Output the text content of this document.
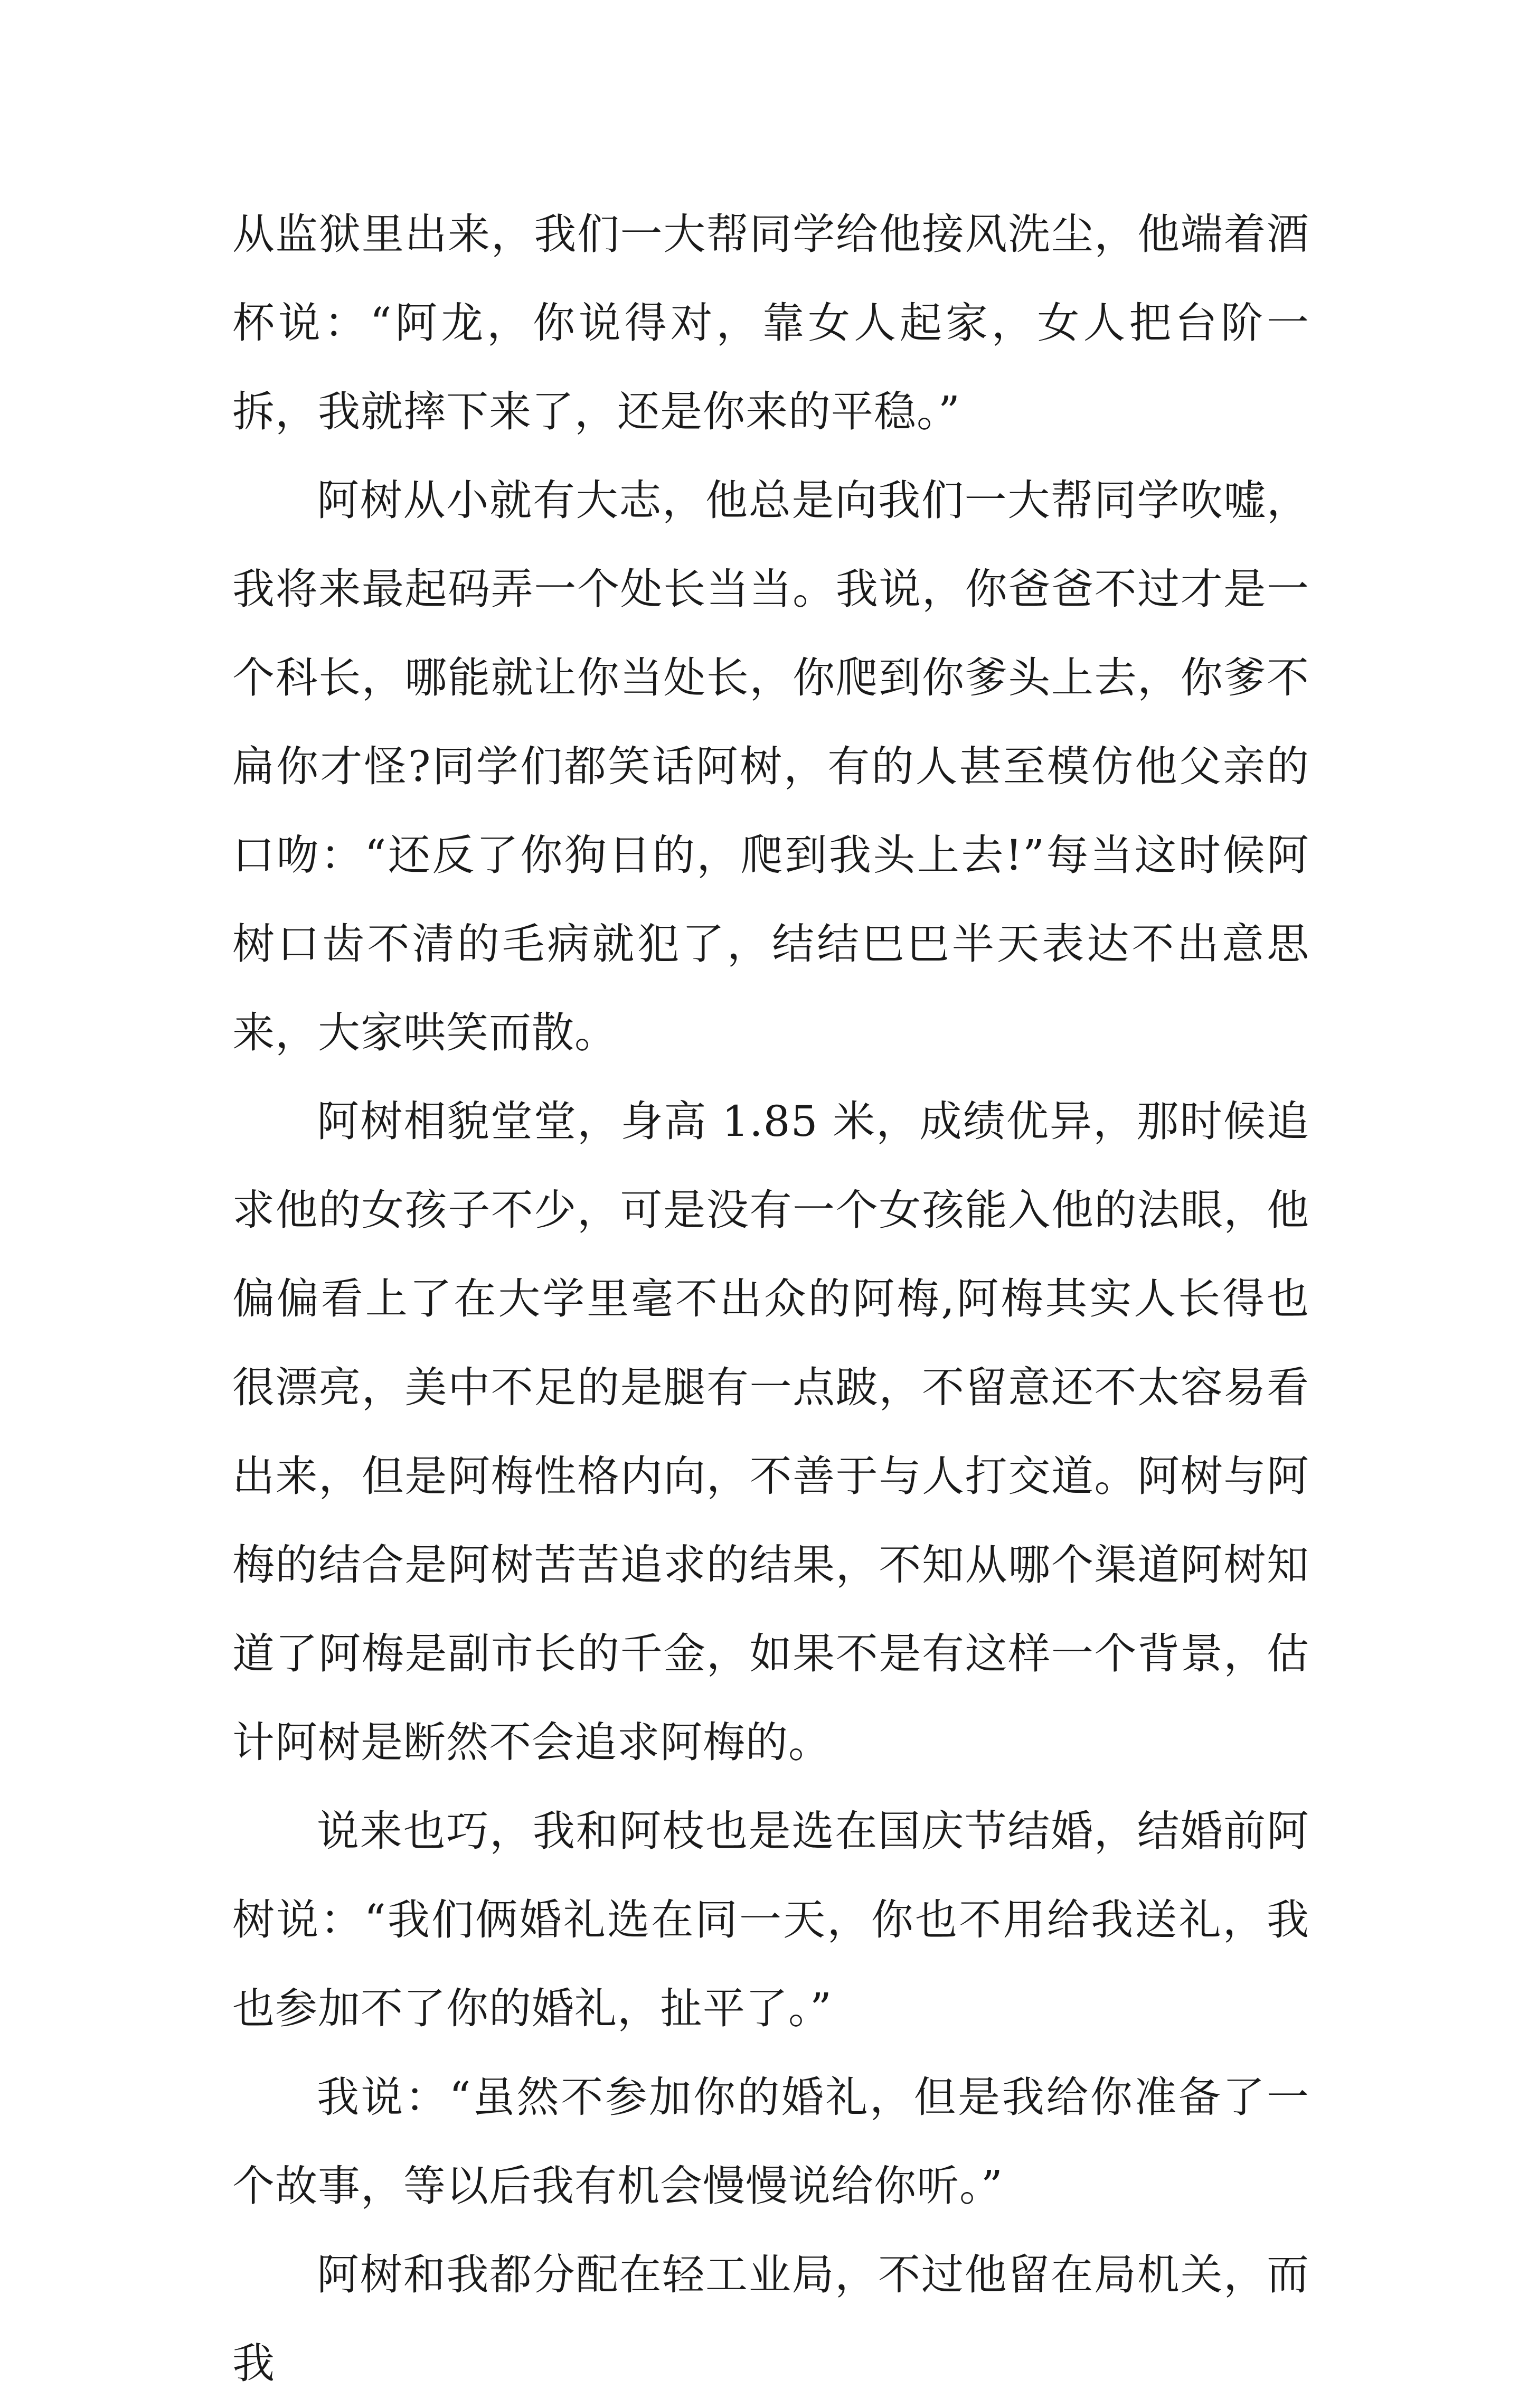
从监狱里出来，我们一大帮同学给他接风洗尘，他端着酒杯说：“阿龙，你说得对，靠女人起家，女人把台阶一拆，我就摔下来了，还是你来的平稳。”

阿树从小就有大志，他总是向我们一大帮同学吹嘘，我将来最起码弄一个处长当当。我说，你爸爸不过才是一个科长，哪能就让你当处长，你爬到你爹头上去，你爹不扁你才怪?同学们都笑话阿树，有的人甚至模仿他父亲的口吻：“还反了你狗日的，爬到我头上去!”每当这时候阿树口齿不清的毛病就犯了，结结巴巴半天表达不出意思来，大家哄笑而散。

阿树相貌堂堂，身高 1.85 米，成绩优异，那时候追求他的女孩子不少，可是没有一个女孩能入他的法眼，他偏偏看上了在大学里毫不出众的阿梅,阿梅其实人长得也很漂亮，美中不足的是腿有一点跛，不留意还不太容易看出来，但是阿梅性格内向，不善于与人打交道。阿树与阿梅的结合是阿树苦苦追求的结果，不知从哪个渠道阿树知道了阿梅是副市长的千金，如果不是有这样一个背景，估计阿树是断然不会追求阿梅的。

说来也巧，我和阿枝也是选在国庆节结婚，结婚前阿树说：“我们俩婚礼选在同一天，你也不用给我送礼，我也参加不了你的婚礼，扯平了。”

我说：“虽然不参加你的婚礼，但是我给你准备了一个故事，等以后我有机会慢慢说给你听。”

阿树和我都分配在轻工业局，不过他留在局机关，而我
